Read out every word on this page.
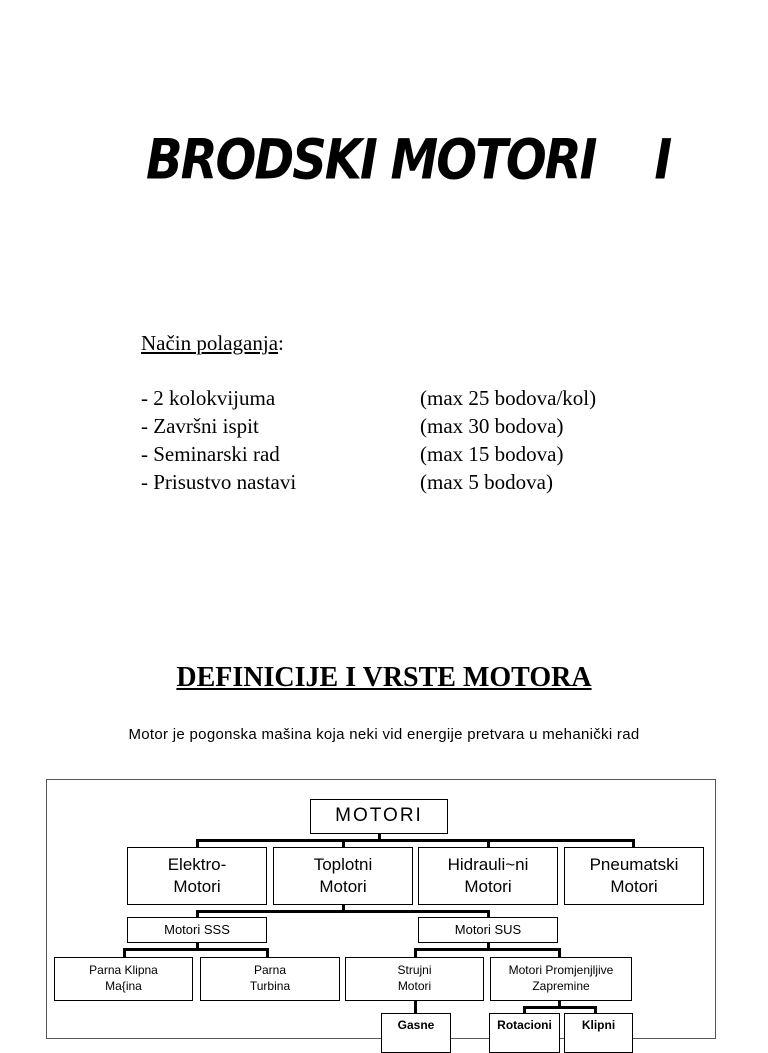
BRODSKI MOTORI    I
Način polaganja:
- 2 kolokvijuma	(max 25 bodova/kol)
- Završni ispit	(max 30 bodova)
- Seminarski rad	(max 15 bodova)
- Prisustvo nastavi	(max 5 bodova)
DEFINICIJE I VRSTE MOTORA
Motor je pogonska mašina koja neki vid energije pretvara u mehanički rad
MOTORI
Elektro-
Motori
Toplotni
Motori
Hidrauli~ni
Motori
Pneumatski
Motori
Motori SSS	Motori SUS
Parna Klipna
Ma{ina
Parna
Turbina
Strujni
Motori
Motori Promjenjljive
Zapremine
Gasne	Rotacioni	Klipni
